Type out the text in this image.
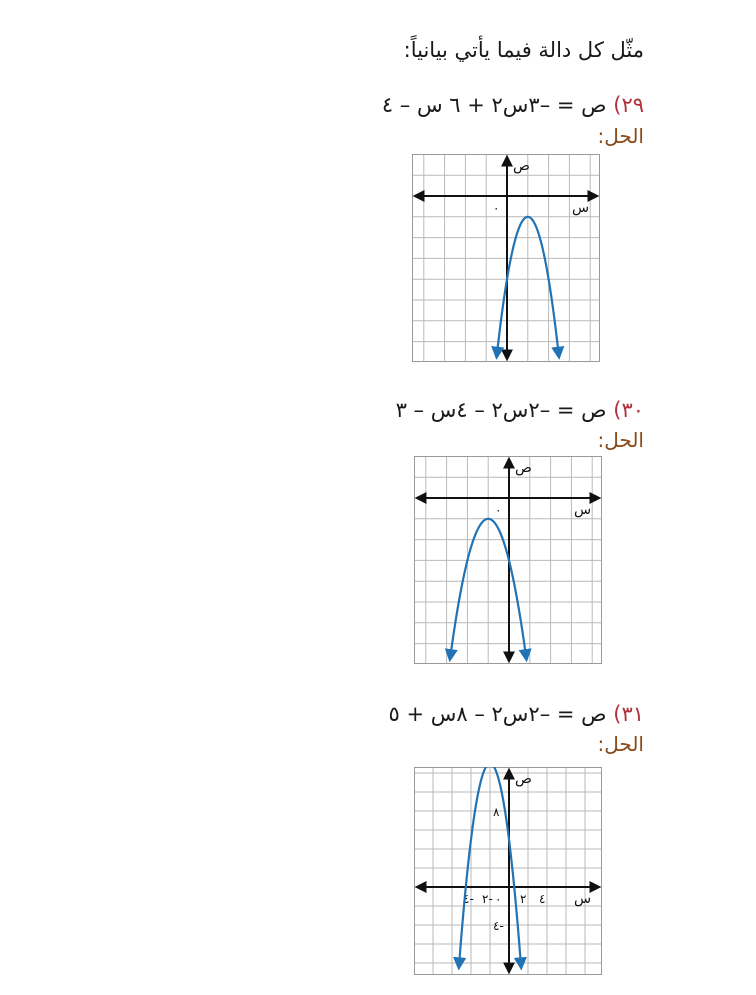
مثّل كل دالة فيما يأتي بيانياً:
٢٩) ص = –٣س٢ + ٦ س – ٤
الحل:
س
ص
٠
٣٠) ص = –٢س٢ – ٤س – ٣
الحل:
س
ص
٠
٣١) ص = –٢س٢ – ٨س + ٥
الحل:
س
ص
٠
٤- ٢- ٢ ٤
٨
٤-
